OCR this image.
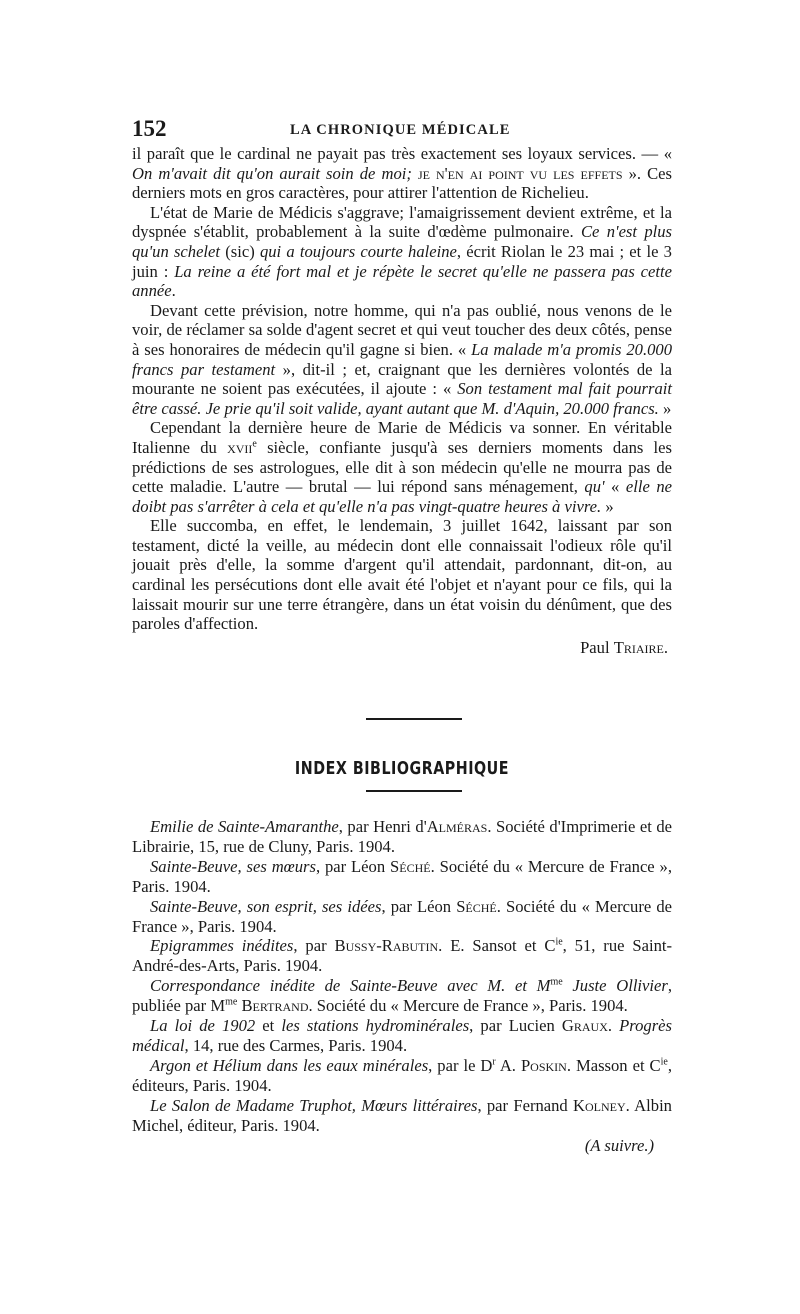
152	LA CHRONIQUE MÉDICALE

il paraît que le cardinal ne payait pas très exactement ses loyaux services. — « On m'avait dit qu'on aurait soin de moi; je n'en ai point vu les effets ». Ces derniers mots en gros caractères, pour attirer l'attention de Richelieu.

L'état de Marie de Médicis s'aggrave; l'amaigrissement devient extrême, et la dyspnée s'établit, probablement à la suite d'œdème pulmonaire. Ce n'est plus qu'un schelet (sic) qui a toujours courte haleine, écrit Riolan le 23 mai ; et le 3 juin : La reine a été fort mal et je répète le secret qu'elle ne passera pas cette année.

Devant cette prévision, notre homme, qui n'a pas oublié, nous venons de le voir, de réclamer sa solde d'agent secret et qui veut toucher des deux côtés, pense à ses honoraires de médecin qu'il gagne si bien. « La malade m'a promis 20.000 francs par testament », dit-il ; et, craignant que les dernières volontés de la mourante ne soient pas exécutées, il ajoute : « Son testament mal fait pourrait être cassé. Je prie qu'il soit valide, ayant autant que M. d'Aquin, 20.000 francs. »

Cependant la dernière heure de Marie de Médicis va sonner. En véritable Italienne du xvii$^e$ siècle, confiante jusqu'à ses derniers moments dans les prédictions de ses astrologues, elle dit à son médecin qu'elle ne mourra pas de cette maladie. L'autre — brutal — lui répond sans ménagement, qu' « elle ne doibt pas s'arrêter à cela et qu'elle n'a pas vingt-quatre heures à vivre. »

Elle succomba, en effet, le lendemain, 3 juillet 1642, laissant par son testament, dicté la veille, au médecin dont elle connaissait l'odieux rôle qu'il jouait près d'elle, la somme d'argent qu'il attendait, pardonnant, dit-on, au cardinal les persécutions dont elle avait été l'objet et n'ayant pour ce fils, qui la laissait mourir sur une terre étrangère, dans un état voisin du dénûment, que des paroles d'affection.

Paul Triaire.

INDEX BIBLIOGRAPHIQUE

Emilie de Sainte-Amaranthe, par Henri d'Alméras. Société d'Imprimerie et de Librairie, 15, rue de Cluny, Paris. 1904.

Sainte-Beuve, ses mœurs, par Léon Séché. Société du « Mercure de France », Paris. 1904.

Sainte-Beuve, son esprit, ses idées, par Léon Séché. Société du « Mercure de France », Paris. 1904.

Epigrammes inédites, par Bussy-Rabutin. E. Sansot et $C^{ie}$, 51, rue Saint-André-des-Arts, Paris. 1904.

Correspondance inédite de Sainte-Beuve avec M. et $M^{me}$ Juste Ollivier, publiée par $M^{me}$ Bertrand. Société du « Mercure de France », Paris. 1904.

La loi de 1902 et les stations hydrominérales, par Lucien Graux. Progrès médical, 14, rue des Carmes, Paris. 1904.

Argon et Hélium dans les eaux minérales, par le $D^r$ A. Poskin. Masson et $C^{ie}$, éditeurs, Paris. 1904.

Le Salon de Madame Truphot, Mœurs littéraires, par Fernand Kolney. Albin Michel, éditeur, Paris. 1904.

(A suivre.)
